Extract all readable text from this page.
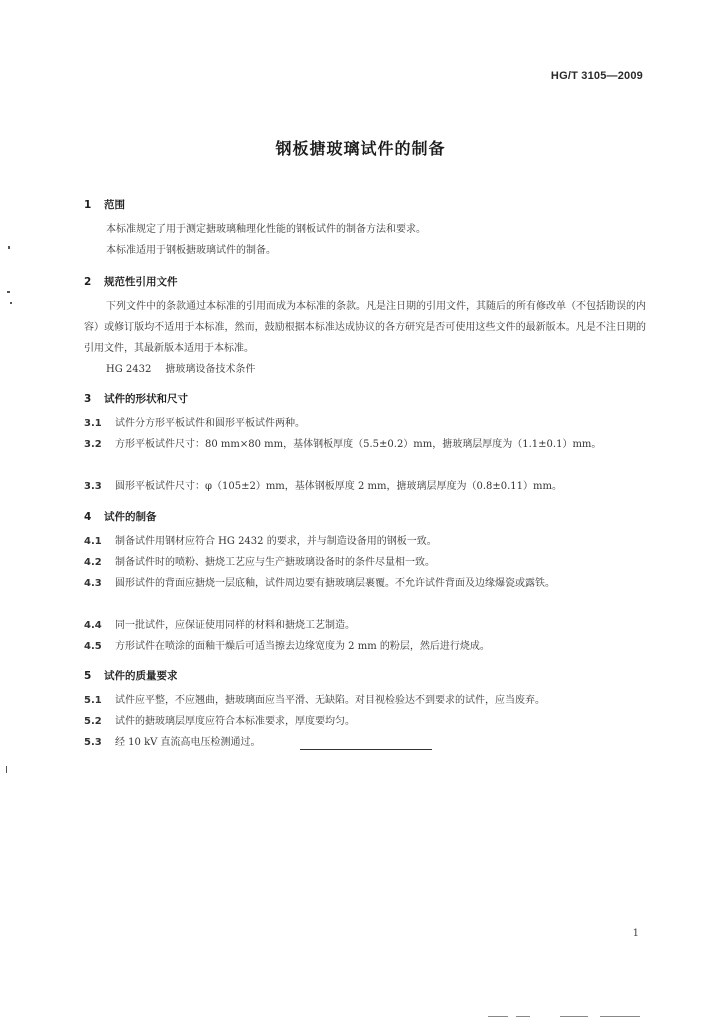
HG/T 3105—2009
钢板搪玻璃试件的制备
1 范围
本标准规定了用于测定搪玻璃釉理化性能的钢板试件的制备方法和要求。
本标准适用于钢板搪玻璃试件的制备。
2 规范性引用文件
下列文件中的条款通过本标准的引用而成为本标准的条款。凡是注日期的引用文件，其随后的所有修改单（不包括勘误的内容）或修订版均不适用于本标准，然而，鼓励根据本标准达成协议的各方研究是否可使用这些文件的最新版本。凡是不注日期的引用文件，其最新版本适用于本标准。
HG 2432 搪玻璃设备技术条件
3 试件的形状和尺寸
3.1 试件分方形平板试件和圆形平板试件两种。
3.2 方形平板试件尺寸：80 mm×80 mm，基体钢板厚度（5.5±0.2）mm，搪玻璃层厚度为（1.1±0.1）mm。
3.3 圆形平板试件尺寸：φ（105±2）mm，基体钢板厚度 2 mm，搪玻璃层厚度为（0.8±0.11）mm。
4 试件的制备
4.1 制备试件用钢材应符合 HG 2432 的要求，并与制造设备用的钢板一致。
4.2 制备试件时的喷粉、搪烧工艺应与生产搪玻璃设备时的条件尽量相一致。
4.3 圆形试件的背面应搪烧一层底釉，试件周边要有搪玻璃层裹覆。不允许试件背面及边缘爆瓷或露铁。
4.4 同一批试件，应保证使用同样的材料和搪烧工艺制造。
4.5 方形试件在喷涂的面釉干燥后可适当擦去边缘宽度为 2 mm 的粉层，然后进行烧成。
5 试件的质量要求
5.1 试件应平整，不应翘曲，搪玻璃面应当平滑、无缺陷。对目视检验达不到要求的试件，应当废弃。
5.2 试件的搪玻璃层厚度应符合本标准要求，厚度要均匀。
5.3 经 10 kV 直流高电压检测通过。
1
